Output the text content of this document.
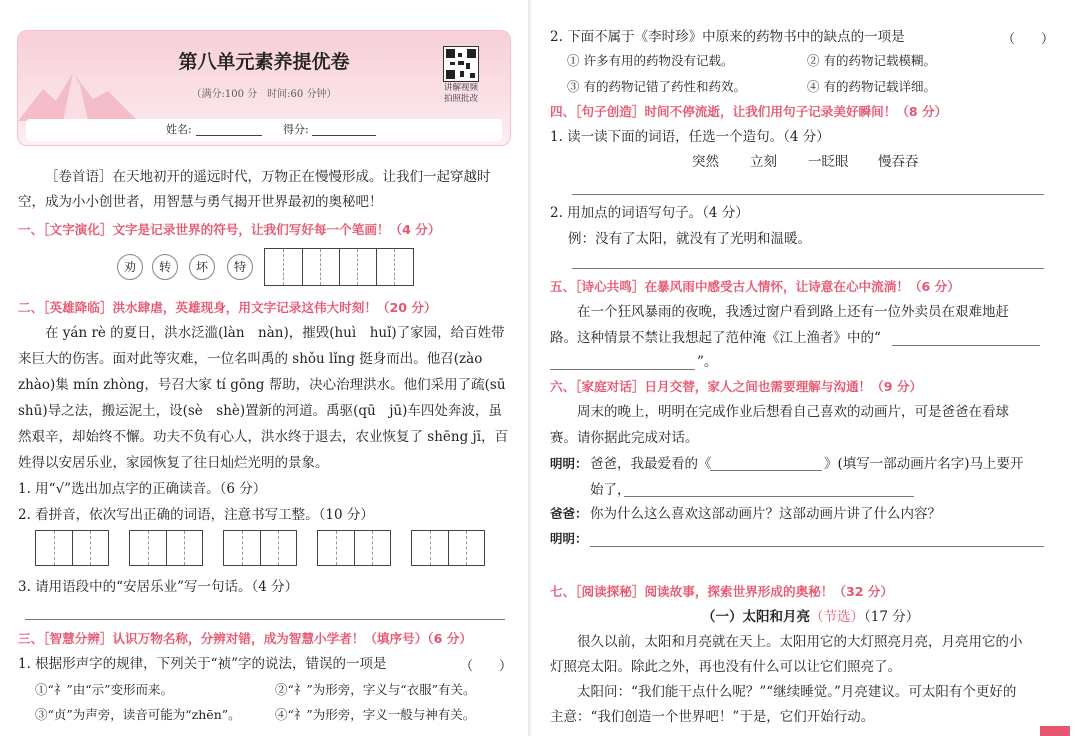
第八单元素养提优卷
（满分:100 分　时间:60 分钟）
讲解视频
拍照批改
姓名:	得分:
［卷首语］在天地初开的遥远时代，万物正在慢慢形成。让我们一起穿越时
空，成为小小创世者，用智慧与勇气揭开世界最初的奥秘吧！
一、［文字演化］文字是记录世界的符号，让我们写好每一个笔画！（4 分）
劝	转	坏	特
二、［英雄降临］洪水肆虐，英雄现身，用文字记录这伟大时刻！（20 分）
　　在 yán rè 的夏日，洪水泛滥(làn　nàn)，摧毁(huì　huǐ)了家园，给百姓带
来巨大的伤害。面对此等灾难，一位名叫禹的 shǒu lǐng 挺身而出。他召(zào
zhào)集 mín zhòng，号召大家 tí gōng 帮助，决心治理洪水。他们采用了疏(sū
shū)导之法，搬运泥土，设(sè　shè)置新的河道。禹驱(qū　jū)车四处奔波，虽
然艰辛，却始终不懈。功夫不负有心人，洪水终于退去，农业恢复了 shēng jī，百
姓得以安居乐业，家园恢复了往日灿烂光明的景象。
1. 用“√”选出加点字的正确读音。（6 分）
2. 看拼音，依次写出正确的词语，注意书写工整。（10 分）
3. 请用语段中的“安居乐业”写一句话。（4 分）
三、［智慧分辨］认识万物名称，分辨对错，成为智慧小学者！（填序号）（6 分）
1. 根据形声字的规律，下列关于“祯”字的说法，错误的一项是	（　　）
①“礻”由“示”变形而来。	②“礻”为形旁，字义与“衣服”有关。
③“贞”为声旁，读音可能为“zhēn”。	④“礻”为形旁，字义一般与神有关。
2. 下面不属于《李时珍》中原来的药物书中的缺点的一项是	（　　）
① 许多有用的药物没有记载。	② 有的药物记载模糊。
③ 有的药物记错了药性和药效。	④ 有的药物记载详细。
四、［句子创造］时间不停流逝，让我们用句子记录美好瞬间！（8 分）
1. 读一读下面的词语，任选一个造句。（4 分）
突然 立刻 一眨眼 慢吞吞
2. 用加点的词语写句子。（4 分）
例：没有了太阳，就没有了光明和温暖。
五、［诗心共鸣］在暴风雨中感受古人情怀，让诗意在心中流淌！（6 分）
　　在一个狂风暴雨的夜晚，我透过窗户看到路上还有一位外卖员在艰难地赶
路。这种情景不禁让我想起了范仲淹《江上渔者》中的“
”。
六、［家庭对话］日月交替，家人之间也需要理解与沟通！（9 分）
　　周末的晚上，明明在完成作业后想看自己喜欢的动画片，可是爸爸在看球
赛。请你据此完成对话。
明明： 爸爸，我最爱看的《	》(填写一部动画片名字)马上要开
始了，
爸爸： 你为什么这么喜欢这部动画片？这部动画片讲了什么内容？
明明：
七、［阅读探秘］阅读故事，探索世界形成的奥秘！（32 分）
（一）太阳和月亮（节选）（17 分）
　　很久以前，太阳和月亮就在天上。太阳用它的大灯照亮月亮，月亮用它的小
灯照亮太阳。除此之外，再也没有什么可以让它们照亮了。
　　太阳问：“我们能干点什么呢？”“继续睡觉。”月亮建议。可太阳有个更好的
主意：“我们创造一个世界吧！”于是，它们开始行动。
